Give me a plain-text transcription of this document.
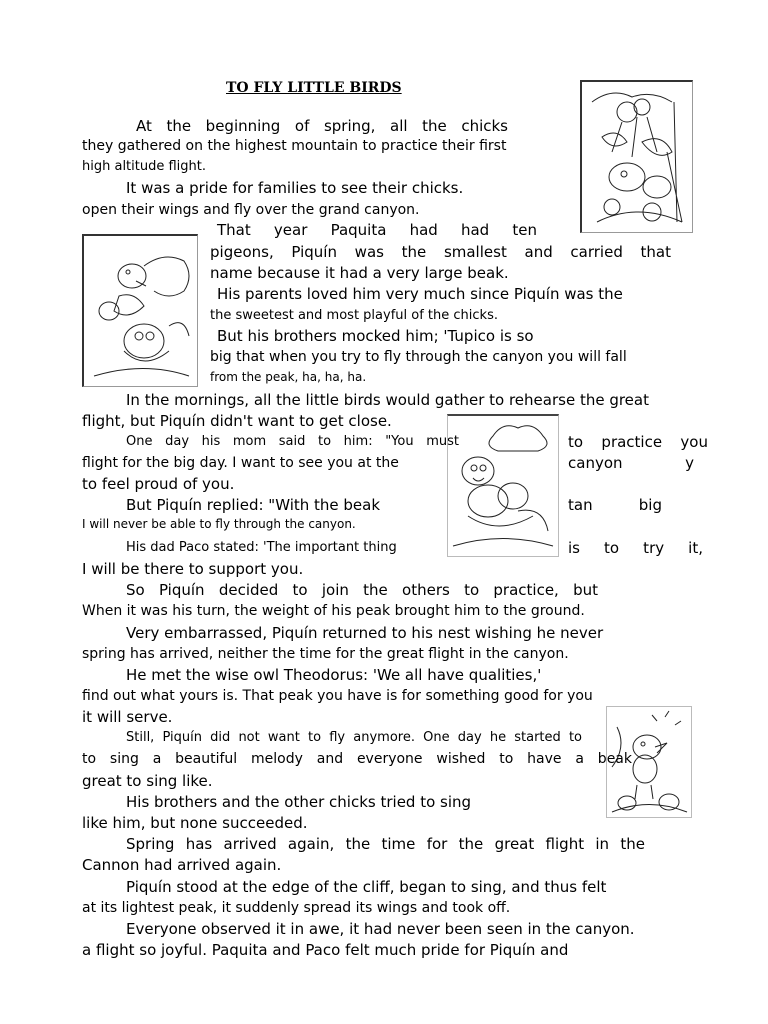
TO FLY LITTLE BIRDS
At the beginning of spring, all the chicks
they gathered on the highest mountain to practice their first
high altitude flight.
It was a pride for families to see their chicks.
open their wings and fly over the grand canyon.
That year Paquita had had ten
pigeons, Piquín was the smallest and carried that
name because it had a very large beak.
His parents loved him very much since Piquín was the
the sweetest and most playful of the chicks.
But his brothers mocked him; 'Tupico is so
big that when you try to fly through the canyon you will fall
from the peak, ha, ha, ha.
In the mornings, all the little birds would gather to rehearse the great
flight, but Piquín didn't want to get close.
One day his mom said to him: "You must	to practice you
flight for the big day. I want to see you at the	canyon y
to feel proud of you.
But Piquín replied: "With the beak	tan big
I will never be able to fly through the canyon.
His dad Paco stated: 'The important thing	is to try it,
I will be there to support you.
So Piquín decided to join the others to practice, but
When it was his turn, the weight of his peak brought him to the ground.
Very embarrassed, Piquín returned to his nest wishing he never
spring has arrived, neither the time for the great flight in the canyon.
He met the wise owl Theodorus: 'We all have qualities,'
find out what yours is. That peak you have is for something good for you
it will serve.
Still, Piquín did not want to fly anymore. One day he started to
to sing a beautiful melody and everyone wished to have a beak
great to sing like.
His brothers and the other chicks tried to sing
like him, but none succeeded.
Spring has arrived again, the time for the great flight in the
Cannon had arrived again.
Piquín stood at the edge of the cliff, began to sing, and thus felt
at its lightest peak, it suddenly spread its wings and took off.
Everyone observed it in awe, it had never been seen in the canyon.
a flight so joyful. Paquita and Paco felt much pride for Piquín and
